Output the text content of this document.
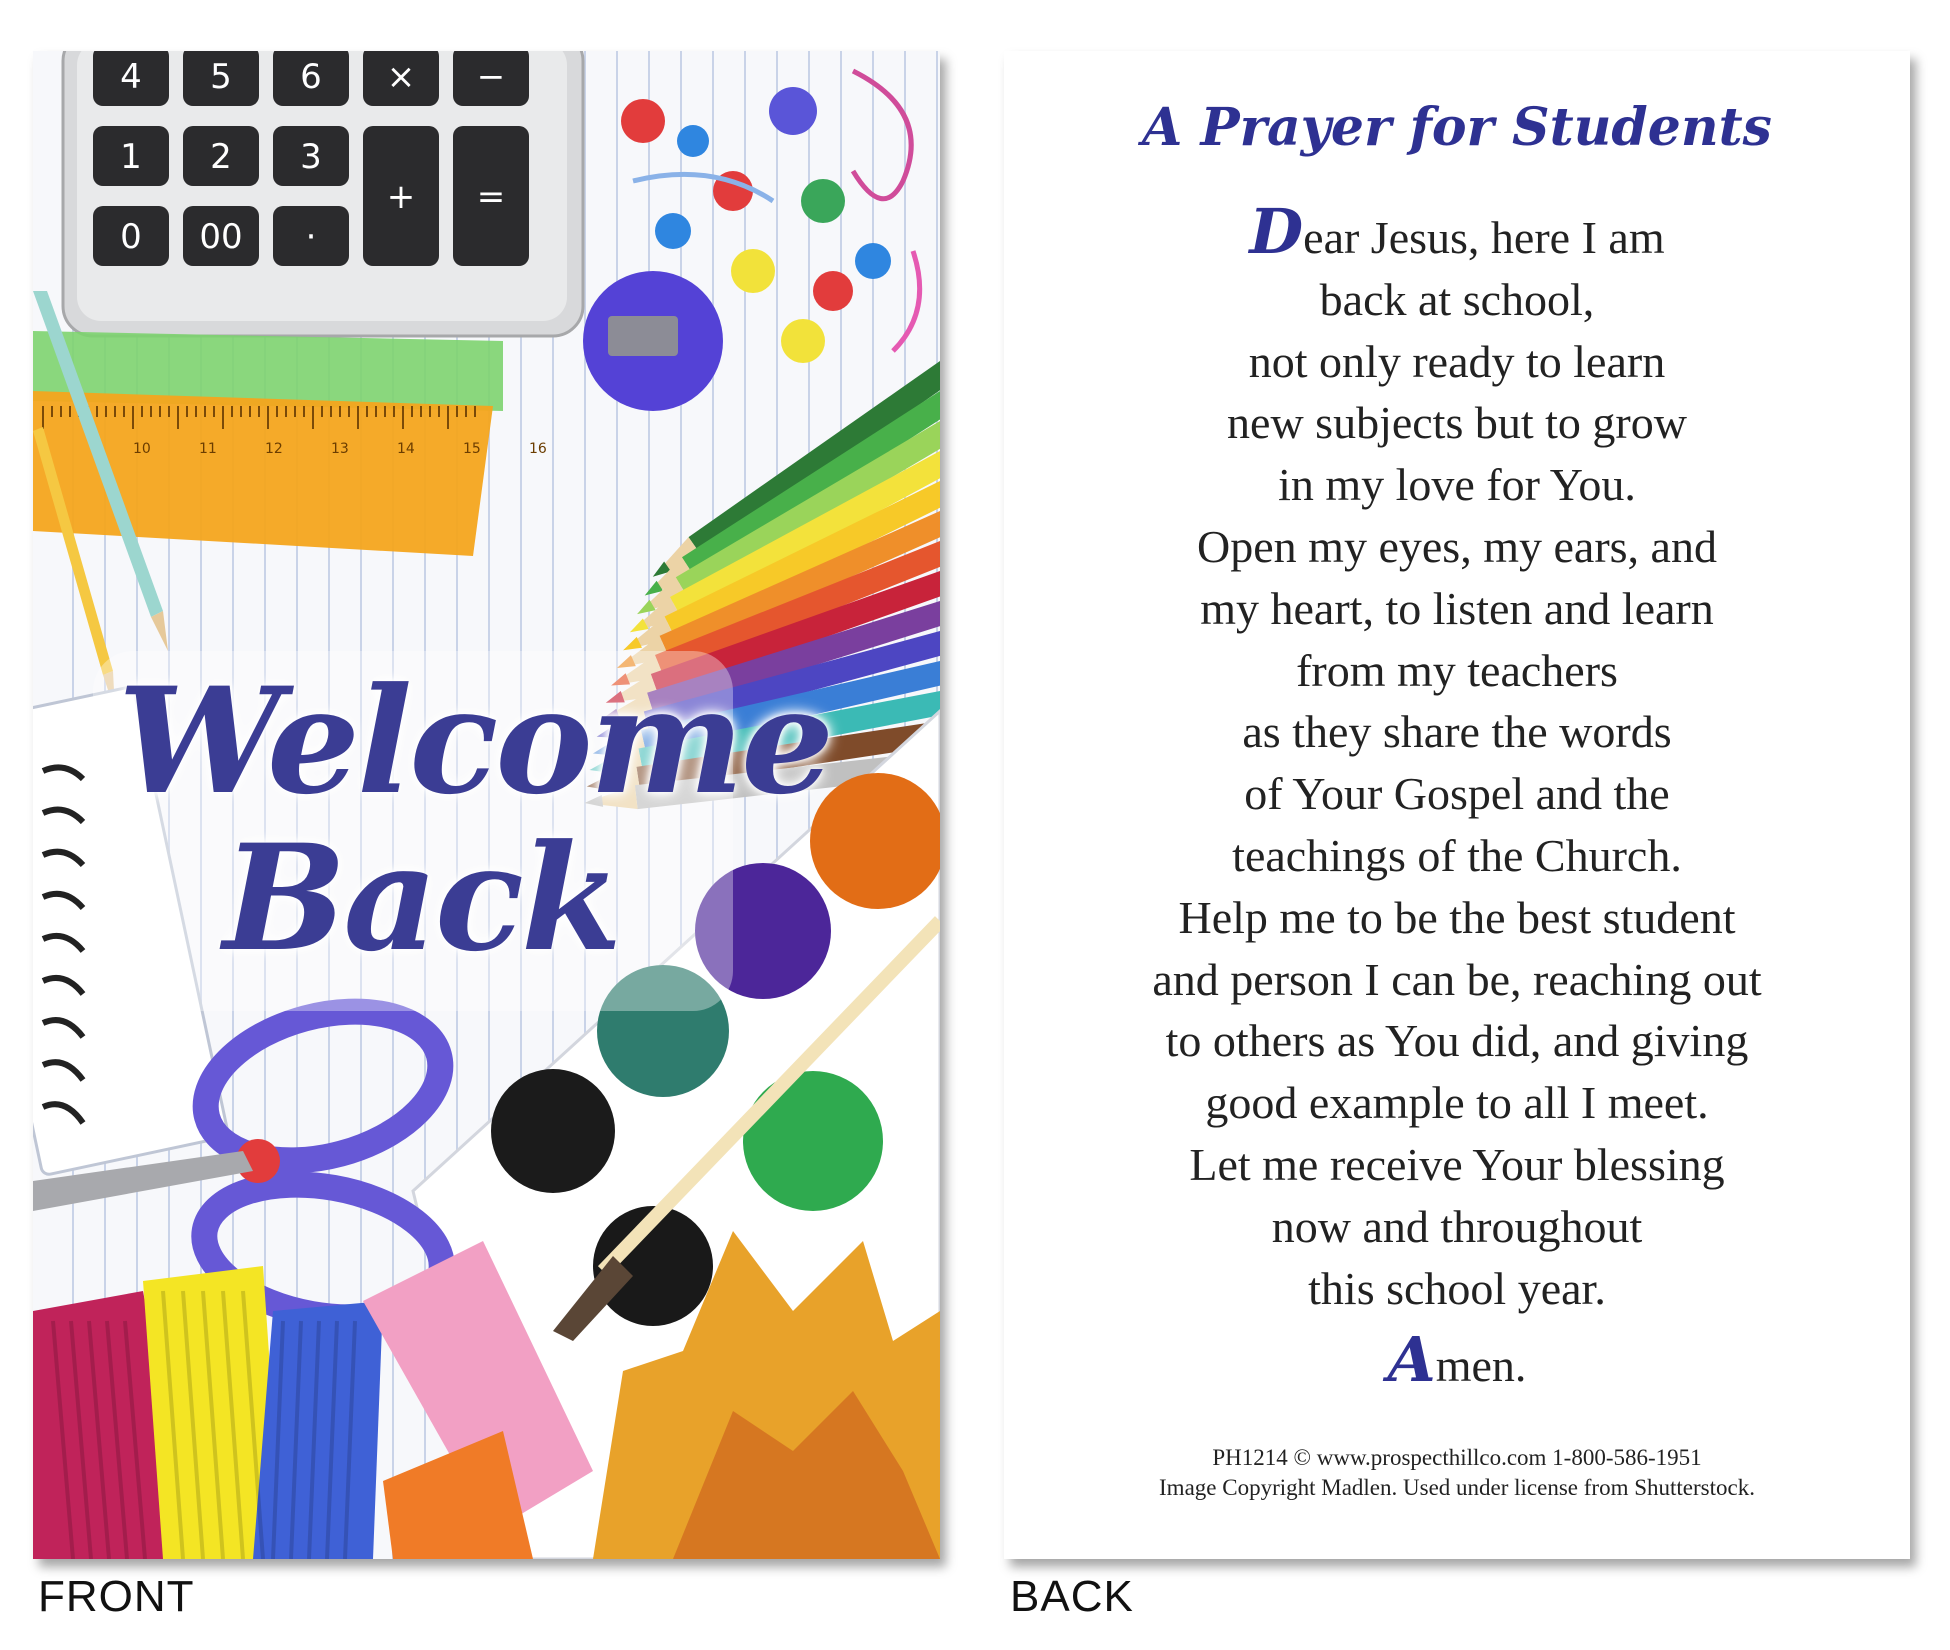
4 5 6 × −
1 2 3
+ =
0 00 ·
10	11	12	13	14	15	16
Welcome
Back
FRONT
A Prayer for Students
Dear Jesus, here I am
back at school,
not only ready to learn
new subjects but to grow
in my love for You.
Open my eyes, my ears, and
my heart, to listen and learn
from my teachers
as they share the words
of Your Gospel and the
teachings of the Church.
Help me to be the best student
and person I can be, reaching out
to others as You did, and giving
good example to all I meet.
Let me receive Your blessing
now and throughout
this school year.
Amen.
PH1214 © www.prospecthillco.com 1-800-586-1951
Image Copyright Madlen. Used under license from Shutterstock.
BACK
